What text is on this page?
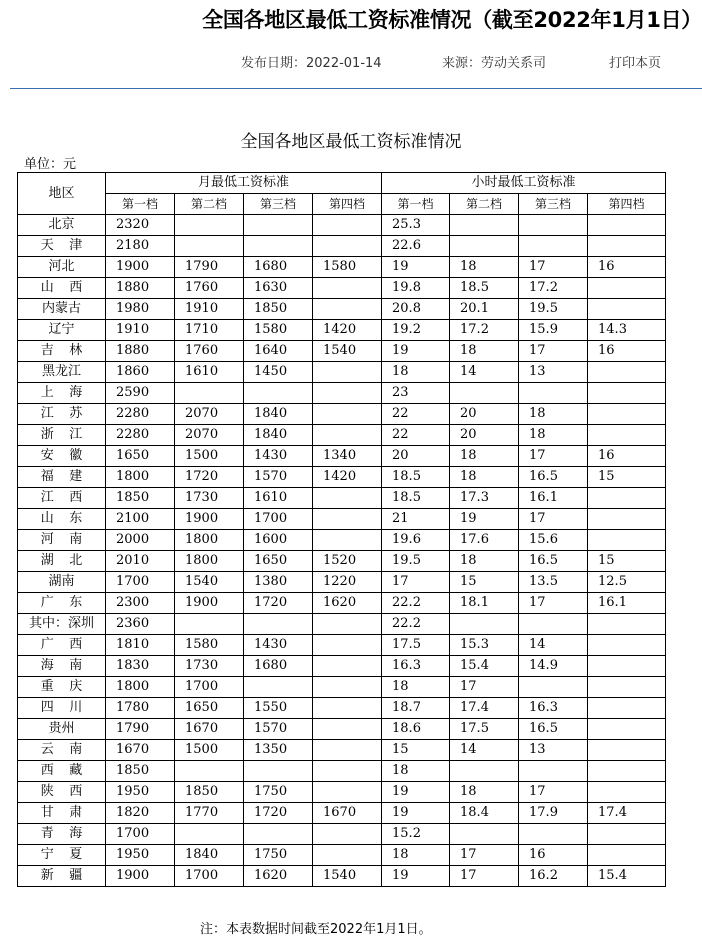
全国各地区最低工资标准情况（截至2022年1月1日）
发布日期：2022-01-14	来源：劳动关系司	打印本页
全国各地区最低工资标准情况
单位：元
地区	月最低工资标准				小时最低工资标准			
	第一档	第二档	第三档	第四档	第一档	第二档	第三档	第四档
北京	2320				25.3			
天津	2180				22.6			
河北	1900	1790	1680	1580	19	18	17	16
山西	1880	1760	1630		19.8	18.5	17.2	
内蒙古	1980	1910	1850		20.8	20.1	19.5	
辽宁	1910	1710	1580	1420	19.2	17.2	15.9	14.3
吉林	1880	1760	1640	1540	19	18	17	16
黑龙江	1860	1610	1450		18	14	13	
上海	2590				23			
江苏	2280	2070	1840		22	20	18	
浙江	2280	2070	1840		22	20	18	
安徽	1650	1500	1430	1340	20	18	17	16
福建	1800	1720	1570	1420	18.5	18	16.5	15
江西	1850	1730	1610		18.5	17.3	16.1	
山东	2100	1900	1700		21	19	17	
河南	2000	1800	1600		19.6	17.6	15.6	
湖北	2010	1800	1650	1520	19.5	18	16.5	15
湖南	1700	1540	1380	1220	17	15	13.5	12.5
广东	2300	1900	1720	1620	22.2	18.1	17	16.1
其中：深圳	2360				22.2			
广西	1810	1580	1430		17.5	15.3	14	
海南	1830	1730	1680		16.3	15.4	14.9	
重庆	1800	1700			18	17		
四川	1780	1650	1550		18.7	17.4	16.3	
贵州	1790	1670	1570		18.6	17.5	16.5	
云南	1670	1500	1350		15	14	13	
西藏	1850				18			
陕西	1950	1850	1750		19	18	17	
甘肃	1820	1770	1720	1670	19	18.4	17.9	17.4
青海	1700				15.2			
宁夏	1950	1840	1750		18	17	16	
新疆	1900	1700	1620	1540	19	17	16.2	15.4
注：本表数据时间截至2022年1月1日。
